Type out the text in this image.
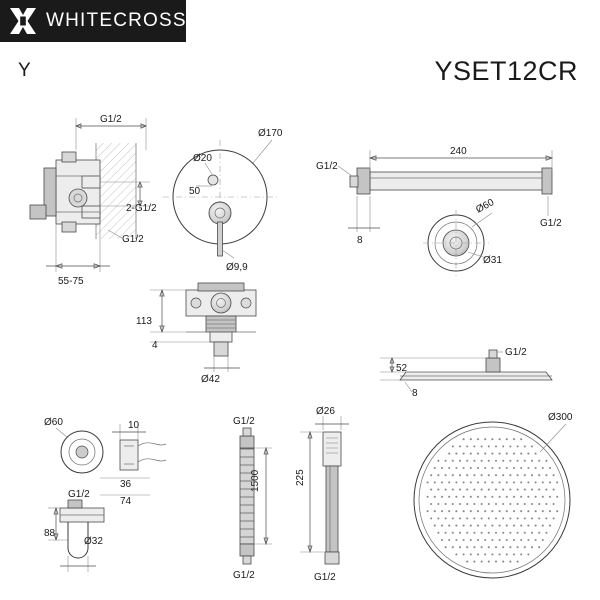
WHITECROSS
Y	YSET12CR
G1/2
2-G1/2
G1/2
55-75
Ø170
Ø20
50
Ø9,9
240
G1/2
G1/2
8
Ø60
Ø31
113
4
Ø42
G1/2
52
8
Ø300
Ø60	10
36
74
G1/2
88
Ø32
G1/2
G1/2
1500
Ø26
225
G1/2
